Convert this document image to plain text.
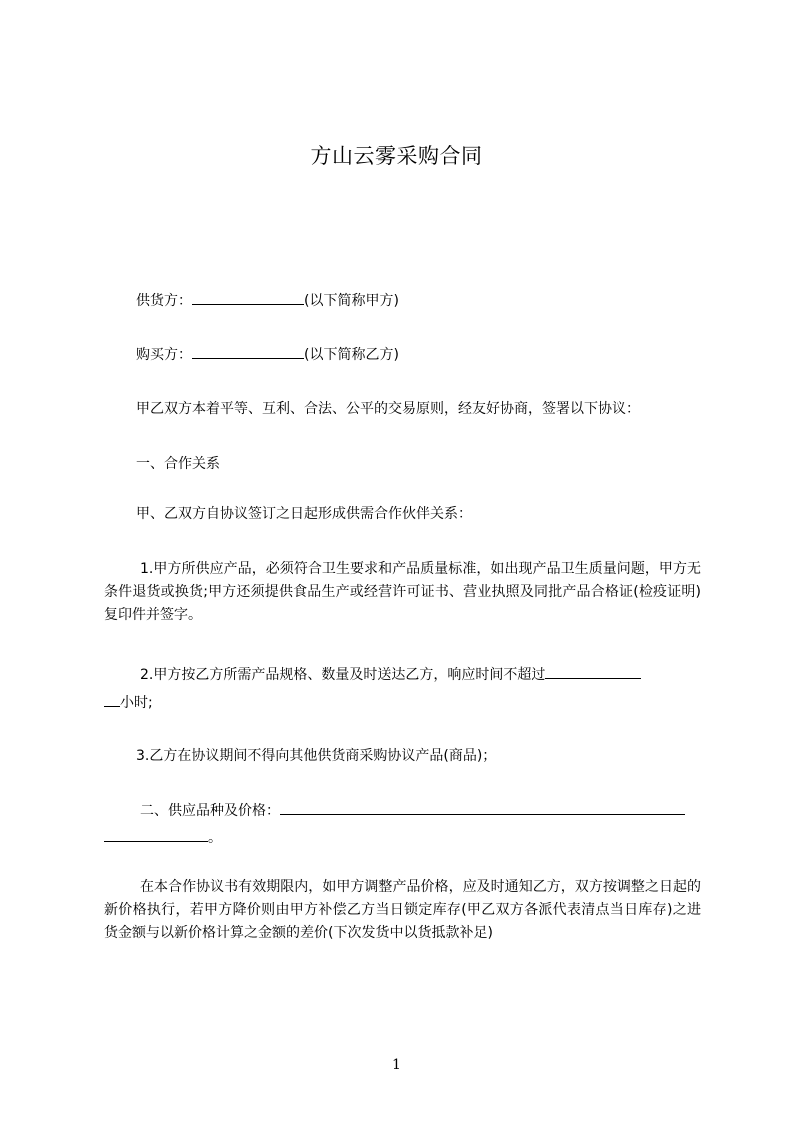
方山云雾采购合同
供货方：	(以下简称甲方)
购买方：	(以下简称乙方)
甲乙双方本着平等、互利、合法、公平的交易原则，经友好协商，签署以下协议：
一、合作关系
甲、乙双方自协议签订之日起形成供需合作伙伴关系：
1.甲方所供应产品，必须符合卫生要求和产品质量标准，如出现产品卫生质量问题，甲方无条件退货或换货;甲方还须提供食品生产或经营许可证书、营业执照及同批产品合格证(检疫证明)复印件并签字。
2.甲方按乙方所需产品规格、数量及时送达乙方，响应时间不超过
小时;
3.乙方在协议期间不得向其他供货商采购协议产品(商品)；
二、供应品种及价格：
。
在本合作协议书有效期限内，如甲方调整产品价格，应及时通知乙方，双方按调整之日起的新价格执行，若甲方降价则由甲方补偿乙方当日锁定库存(甲乙双方各派代表清点当日库存)之进货金额与以新价格计算之金额的差价(下次发货中以货抵款补足)
1
